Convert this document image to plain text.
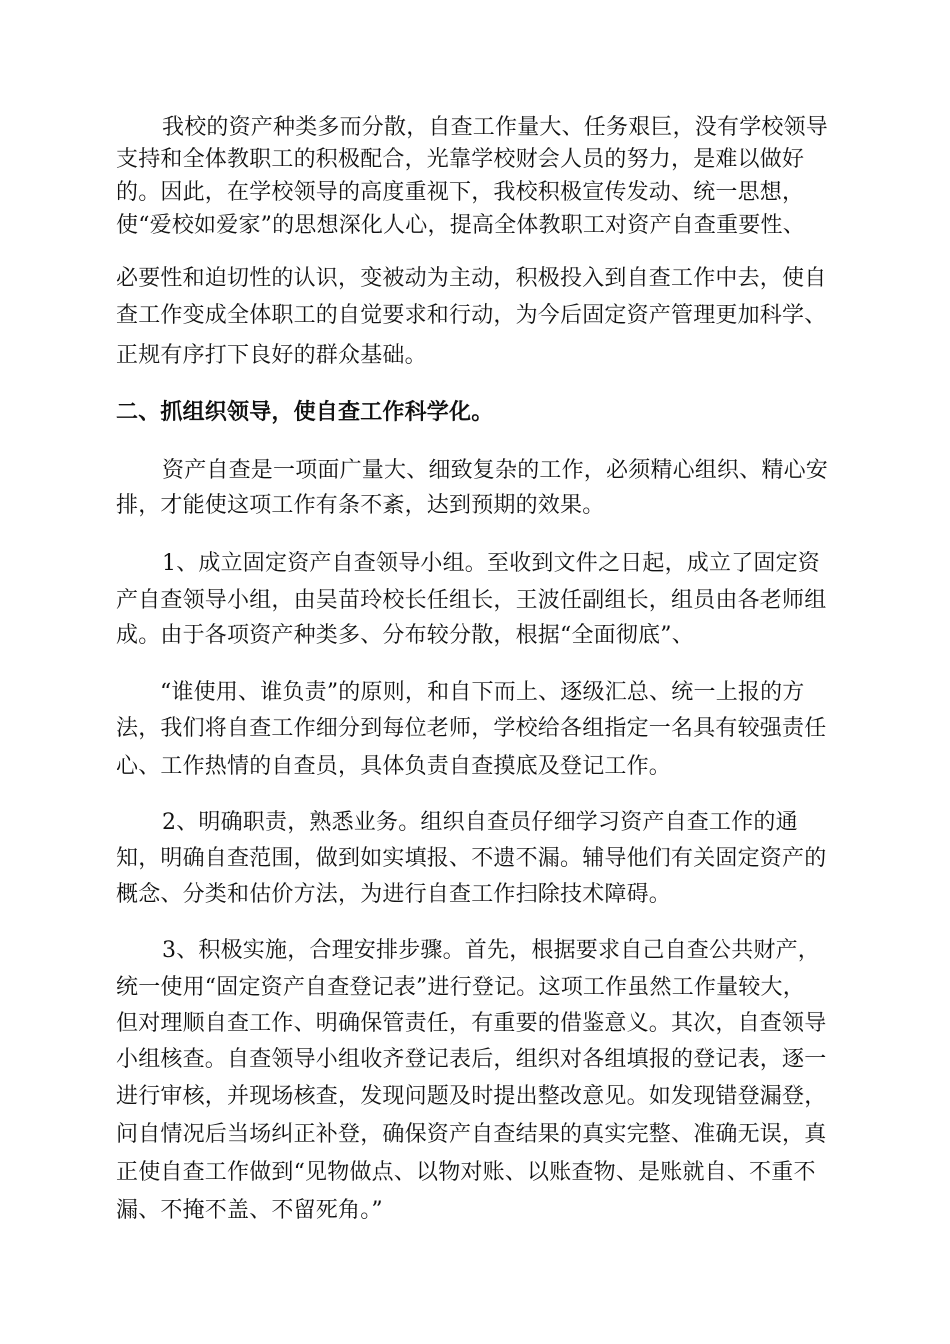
我校的资产种类多而分散，自查工作量大、任务艰巨，没有学校领导

支持和全体教职工的积极配合，光靠学校财会人员的努力，是难以做好

的。因此，在学校领导的高度重视下，我校积极宣传发动、统一思想，

使“爱校如爱家”的思想深化人心，提高全体教职工对资产自查重要性、

必要性和迫切性的认识，变被动为主动，积极投入到自查工作中去，使自

查工作变成全体职工的自觉要求和行动，为今后固定资产管理更加科学、

正规有序打下良好的群众基础。

二、抓组织领导，使自查工作科学化。

资产自查是一项面广量大、细致复杂的工作，必须精心组织、精心安

排，才能使这项工作有条不紊，达到预期的效果。

1、成立固定资产自查领导小组。至收到文件之日起，成立了固定资

产自查领导小组，由吴苗玲校长任组长，王波任副组长，组员由各老师组

成。由于各项资产种类多、分布较分散，根据“全面彻底”、

“谁使用、谁负责”的原则，和自下而上、逐级汇总、统一上报的方

法，我们将自查工作细分到每位老师，学校给各组指定一名具有较强责任

心、工作热情的自查员，具体负责自查摸底及登记工作。

2、明确职责，熟悉业务。组织自查员仔细学习资产自查工作的通

知，明确自查范围，做到如实填报、不遗不漏。辅导他们有关固定资产的

概念、分类和估价方法，为进行自查工作扫除技术障碍。

3、积极实施，合理安排步骤。首先，根据要求自己自查公共财产，

统一使用“固定资产自查登记表”进行登记。这项工作虽然工作量较大，

但对理顺自查工作、明确保管责任，有重要的借鉴意义。其次，自查领导

小组核查。自查领导小组收齐登记表后，组织对各组填报的登记表，逐一

进行审核，并现场核查，发现问题及时提出整改意见。如发现错登漏登，

问自情况后当场纠正补登，确保资产自查结果的真实完整、准确无误，真

正使自查工作做到“见物做点、以物对账、以账查物、是账就自、不重不

漏、不掩不盖、不留死角。”
